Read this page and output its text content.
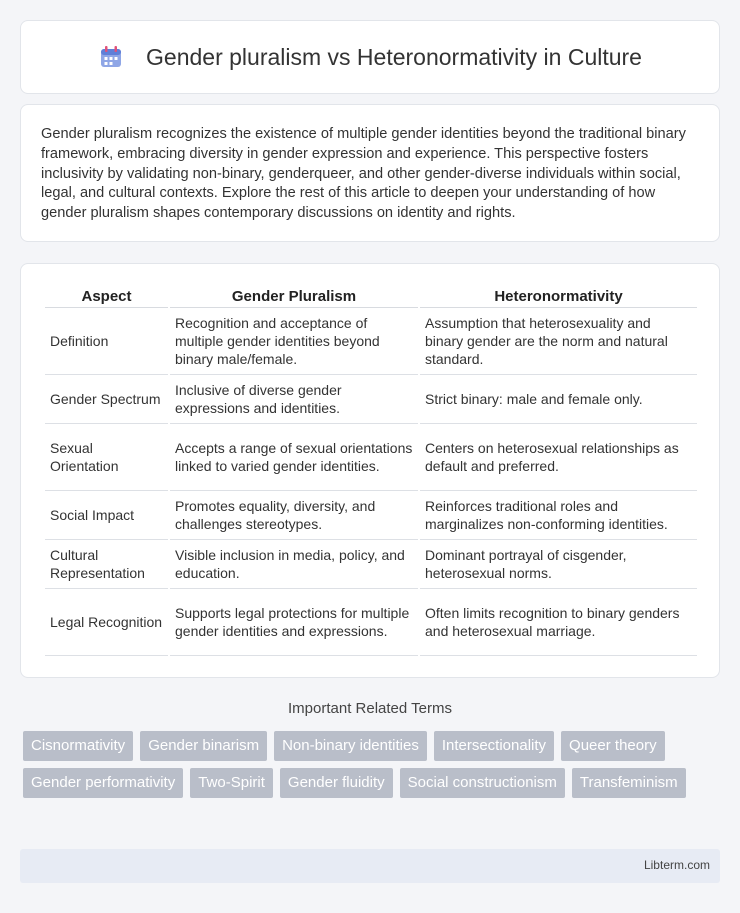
Gender pluralism vs Heteronormativity in Culture

Gender pluralism recognizes the existence of multiple gender identities beyond the traditional binary framework, embracing diversity in gender expression and experience. This perspective fosters inclusivity by validating non-binary, genderqueer, and other gender-diverse individuals within social, legal, and cultural contexts. Explore the rest of this article to deepen your understanding of how gender pluralism shapes contemporary discussions on identity and rights.

Aspect	Gender Pluralism	Heteronormativity
Definition	Recognition and acceptance of multiple gender identities beyond binary male/female.	Assumption that heterosexuality and binary gender are the norm and natural standard.
Gender Spectrum	Inclusive of diverse gender expressions and identities.	Strict binary: male and female only.
Sexual Orientation	Accepts a range of sexual orientations linked to varied gender identities.	Centers on heterosexual relationships as default and preferred.
Social Impact	Promotes equality, diversity, and challenges stereotypes.	Reinforces traditional roles and marginalizes non-conforming identities.
Cultural Representation	Visible inclusion in media, policy, and education.	Dominant portrayal of cisgender, heterosexual norms.
Legal Recognition	Supports legal protections for multiple gender identities and expressions.	Often limits recognition to binary genders and heterosexual marriage.
Important Related Terms
Cisnormativity	Gender binarism	Non-binary identities	Intersectionality	Queer theory
Gender performativity	Two-Spirit	Gender fluidity	Social constructionism	Transfeminism
Libterm.com
